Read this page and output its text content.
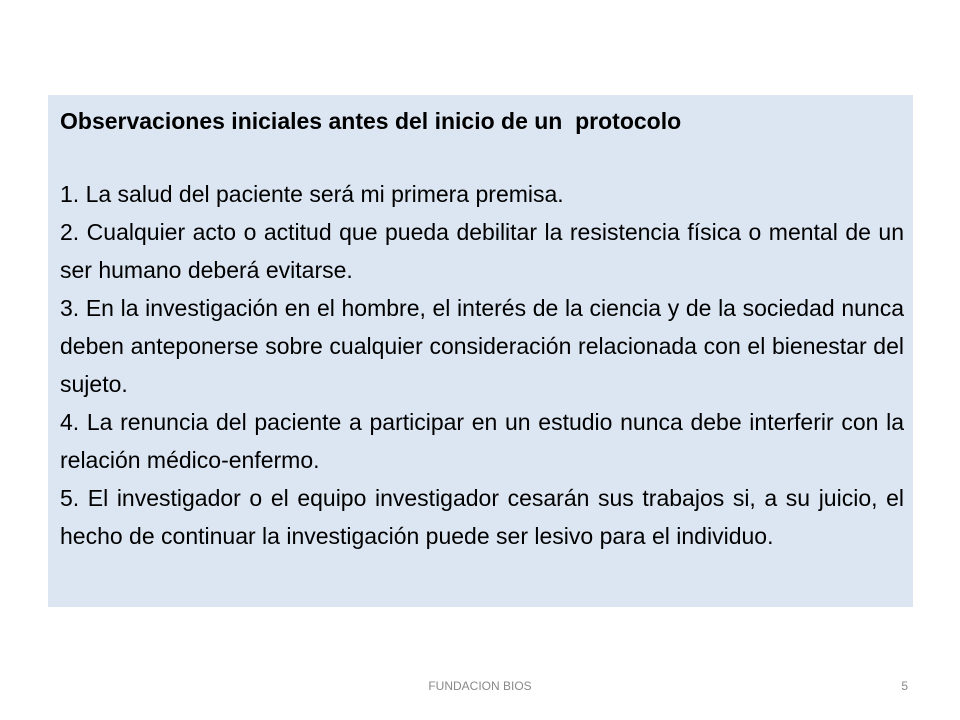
Observaciones iniciales antes del inicio de un  protocolo

1. La salud del paciente será mi primera premisa.

2. Cualquier acto o actitud que pueda debilitar la resistencia física o mental de un ser humano deberá evitarse.

3. En la investigación en el hombre, el interés de la ciencia y de la sociedad nunca deben anteponerse sobre cualquier consideración relacionada con el bienestar del sujeto.

4. La renuncia del paciente a participar en un estudio nunca debe interferir con la relación médico-enfermo.

5. El investigador o el equipo investigador cesarán sus trabajos si, a su juicio, el hecho de continuar la investigación puede ser lesivo para el individuo.

FUNDACION BIOS	5
